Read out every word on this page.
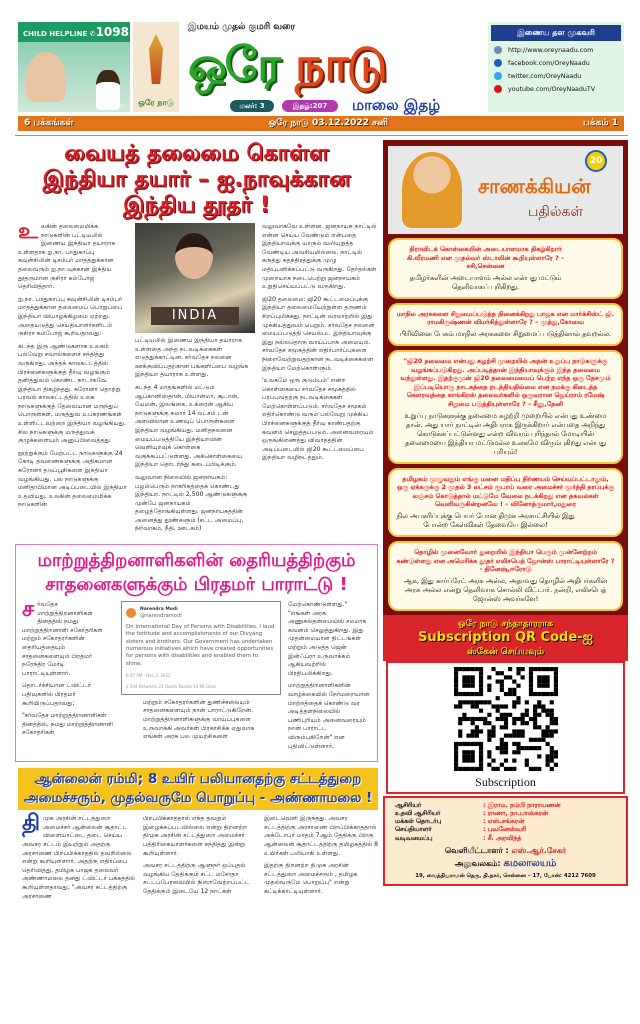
CHILD HELPLINE ✆1098
Dr.R.G.Anand	ஒரே நாடு
இமயம் முதல் குமரி வரை
ஒரே நாடு
மலர்: 3	இதழ்:207	மாலை இதழ்
இணைய தள முகவரி
http://www.oreynaadu.com
facebook.com/OreyNaadu
twitter.com/OreyNaadu
youtube.com/OreyNaaduTV
6 பக்கங்கள்	ஒரே நாடு 03.12.2022 சனி	பக்கம் 1
வையத் தலைமை கொள்ள
இந்தியா தயார் – ஐ.நாவுக்கான
இந்திய தூதர் !

உலகின் தலைமைமிக்க நாடுகளின் பட்டியலில் இணைய இந்தியா தயாராக உள்ளதாக ஐ.நா. பாதுகாப்பு கவுன்சிலின் டிசம்பர் மாதத்துக்கான தலைவரும் ஐ.நா.வுக்கான இந்திய தூதருமான ருசிரா கம்போஜ் தெரிவித்தார்.

ஐ.நா. பாதுகாப்பு கவுன்சிலின் டிசம்பர் மாதத்துக்கான தலைமைப் பொறுப்பை இந்தியா வியாழக்கிழமை ஏற்றது. அதையடுத்து செய்தியாளர்களிடம் ருசிரா கம்போஜ் கூறியதாவது:

கடந்த இரு ஆண்டுகளாக உலகம் பல்வேறு சவால்களைச் சந்தித்து வருகிறது. அந்தக் காலகட்டத்தில் பிரச்னைகளுக்குத் தீர்வு வழங்கும் தனித்துவம் கொண்ட நாடாகவே இந்தியா திகழ்ந்தது. கரோனா தொற்று பரவல் காலகட்டத்தில் உலக நாடுகளுக்குத் தேவையான மருந்துப் பொருள்கள், மருத்துவ உபகரணங்கள் உள்ளிட்டவற்றை இந்தியா வழங்கியது. சில நாடுகளுக்கு மருத்துவக் குழுக்களையும் அனுப்பிவைத்தது.

நூற்றுக்கும் மேற்பட்ட நாடுகளுக்கு 24 கோடி தவணைகளுக்கு அதிகமான கரோனா தடுப்பூசிகளை இந்தியா வழங்கியது. பல நாடுகளுக்கு மனிதாபிமான அடிப்படையில் இந்தியா உதவியது. உலகின் தலைமைமிக்க நாடுகளின்

INDIA

பட்டியலில் இணைய இந்தியா தயாராக உள்ளதை அந்த நடவடிக்கைகள் எடுத்துக்காட்டின. சர்வதேச நலனை ஊக்குவிப்பதற்கான பங்களிப்பை வழங்க இந்தியா தயாராக உள்ளது.

கடந்த 4 மாதங்களில் மட்டும் ஆப்கானிஸ்தான், மியான்மர், சூடான், யேமன், இலங்கை, உக்ரைன் ஆகிய நாடுகளுக்கு சுமார் 14 லட்சம் டன் அளவிலான உணவுப் பொருள்களை இந்தியா வழங்கியது. மனிதநலனை மையப்படுத்தியே இந்தியாவின் வெளியுறவுக் கொள்கை வகுக்கப்பட்டுள்ளது. அக்கொள்கையை இந்தியா தொடர்ந்து கடைப்பிடிக்கும்.

வலுவான நிலையில் ஜனநாயகம்: பழம்பெரும் நாகரிகத்தைக் கொண்டது இந்தியா. நாட்டில் 2,500 ஆண்டுகளுக்கு முன்பே ஜனநாயகம் தழைத்தோங்கியுள்ளது. ஜனநாயகத்தின் அனைத்து தூண்களும் (சட்ட அமைப்பு, நிர்வாகம், நீதி, ஊடகம்)

வலுவாகவே உள்ளன. ஜனநாயக நாட்டில் என்ன செய்ய வேண்டும் என்பதை இந்தியாவுக்கு யாரும் வலியுறுத்த வேண்டிய அவசியமில்லை. நாட்டில் கருத்து சுதந்திரத்துக்கு முழு மதிப்பளிக்கப்பட்டு வருகிறது. தேர்தல்கள் முறையாக நடைபெற்று ஜனநாயகம் உறுதிசெய்யப்பட்டு வருகிறது.

ஜி20 தலைமை: ஜி20 கூட்டமைப்புக்கு இந்தியா தலைமையேற்றுள்ள தருணம் சிறப்புமிக்கது. நாட்டின் வரலாற்றில் இது முக்கியத்துவம் பெறும். சர்வதேச நலனை மையப்படுத்தி செயல்பட இந்தியாவுக்கு இது நல்லதொரு வாய்ப்பாக அமையும். சர்வதேச சமூகத்தின் எதிர்பார்ப்புகளை நிறைவேற்றுவதற்கான நடவடிக்கைகளை இந்தியா மேற்கொள்ளும்.

'உலகமே ஒரு குடும்பம்' என்ற கொள்கையை சர்வதேச சமூகத்தில் பரப்புவதற்கு நடவடிக்கைகள் மேற்கொள்ளப்படும். சர்வதேச சமூகம் எதிர்கொண்டு வரும் பல்வேறு முக்கிய பிரச்னைகளுக்குத் தீர்வு காண்பதற்கு கவனம் செலுத்தப்படும். அனைவரையும் ஒருங்கிணைத்து விவாதத்தின் அடிப்படையில் ஜி20 கூட்டமைப்பை இந்தியா வழிநடத்தும்.

மாற்றுத்திறனாளிகளின் தைரியத்திற்கும்
சாதனைகளுக்கும் பிரதமர் பாராட்டு !

சர்வதேச மாற்றுத்திறனாளிகள் தினத்தில் நமது மாற்றுத்திறனாளி சகோதரிகள் மற்றும் சகோதரர்களின் தைரியத்தையும் சாதனைகளையும் பிரதமர் நரேந்திர மோடி பாராட்டியுள்ளார்.

தொடர்ச்சியான ட்விட்டர் பதிவுகளில் பிரதமர் கூறியிருப்பதாவது;

"சர்வதேச மாற்றுத்திறனாளிகள் தினத்தில், நமது மாற்றுத்திறனாளி சகோதரிகள்

Narendra Modi
@narendramodi
On International Day of Persons with Disabilities, I laud the fortitude and accomplishments of our Divyang sisters and brothers. Our Government has undertaken numerous initiatives which have created opportunities for persons with disabilities and enabled them to shine.
6:47 AM · Dec 3, 2022
2,544 Retweets 23 Quote Tweets 10.9K Likes

மற்றும் சகோதரர்களின் துணிச்சலையும் சாதனைகளையும் நான் பாராட்டுகிறேன். மாற்றுத்திறனாளிகளுக்கு வாய்ப்புகளை உருவாக்கி அவர்கள் பிரகாசிக்க ஏதுவாக எங்கள் அரசு பல முயற்சிகளை

மேற்கொண்டுள்ளது." "எங்கள் அரசு அணுகல்தன்மையில் சமமாக கவனம் செலுத்துகிறது. இது முதன்மையான திட்டங்கள் மற்றும் அடுத்த ஜென் இன்ஃப்ரா உருவாக்கம் ஆகியவற்றில் பிரதிபலிக்கிறது.

மாற்றுத்திறனாளிகளின் வாழ்க்கையில் நேர்மறையான மாற்றத்தைக் கொண்டு வர அடித்தளநிலையில் பணிபுரியும் அனைவரையும் நான் பாராட்ட விரும்புகிறேன்" என பதிவிட்டுள்ளார்.

ஆன்லைன் ரம்மி; 8 உயிர் பலியானதற்கு சட்டத்துறை
அமைச்சரும், முதல்வருமே பொறுப்பு - அண்ணாமலை !

திமுக அரசின் சட்டத்துறை அமைச்சர் ஆன்லைன் சூதாட்ட விளையாட்டை தடை செய்ய அவசர சட்டம் இயற்றும் அதற்கு அரசாணை பிறப்பிக்காததில் தவறில்லை என்று கூறியுள்ளார். அதற்கு எதிர்ப்பை தெரிவித்து, தமிழக பாஜக தலைவர் அண்ணாமலை தனது ட்விட்டர் பக்கத்தில் கூறியுள்ளதாவது; "அவசர சட்டத்திற்கு அரசாணை

பிறப்பிக்காததால் எந்த தவறும் இழைக்கப்படவில்லை என்று திறனற்ற திமுக அரசின் சட்டத்துறை அமைச்சர் பத்திரிகையாளர்களை சந்தித்து இன்று கூறியுள்ளார்.

அவசர சட்டத்திற்கு ஆளுநர் ஒப்புதல் வழங்கிய தேதிக்கும் சட்ட மசோதா சட்டப்பேரவையில் நிறைவேற்றப்பட்ட தேதிக்கும் இடையே 12 நாட்கள்

இடைவெளி இருந்தது. அவசர சட்டத்திற்கு அரசாணை பிறப்பிக்காததால் அக்டோபர் மாதம் 7ஆம் தேதிக்கு பிறகு ஆன்லைன் சூதாட்டத்திற்கு தமிழகத்தில் 8 உயிர்கள் பலியாகி உள்ளது.

இதற்கு திறனற்ற திமுக அரசின் சட்டத்துறை அமைச்சரும் , தமிழக முதல்வருமே பொறுப்பு" என்று சுட்டிக்காட்டியுள்ளார்.

20
சாணக்கியன்
பதில்கள்
திராவிடக் கொள்கையின் அடையாளமாக திகழ்கிறார் கி.வீரமணி என முதல்வர் ஸ்டாலின் கூறியுள்ளாரே ? – சசி,சென்னை
தமிழர்களின் அடையாளம் அல்ல என்பது மட்டும் தெளிவாகப் புரிகிறது.
மாநில அரசுகளை சிறுமைப்படுத்த நினைக்கிறது பாஜக என மார்க்சிஸ்ட் ஜி. ராமகிருஷ்ணன் விமர்சித்துள்ளாரே ? – முத்து,கோவை
பிரிவினை பேசும் மாநில அரசுகளை சிறுமைப் படுத்தினால் தவறல்ல.
"ஜி20 தலைமை என்பது சுழற்சி முறையில் அதன் உறுப்பு நாடுகளுக்கு வழங்கப்படுகிறது. அப்படித்தான் இந்தியாவுக்கும் இந்த தலைமை வந்துள்ளது. இதற்குமுன் ஜி20 தலைமையைப் பெற்ற எந்த ஒரு தேசமும் இப்படியொரு நாடகத்தை நடத்தியதில்லை என நமக்கு கிடைத்த கௌரவத்தை காங்கிரஸ் தலைவர்களில் ஒருவரான ஜெய்ராம் ரமேஷ் சிறுமை படுத்தியுள்ளாரே ? – சீனு,தேனி
உறுப்பு நாடுகளுக்கு தலைமை சுழற்றி முறையில் என்பது உண்மை தான். அது யார் நாட்டின் அதிபராக இருக்கிறார் என்பதை அறிந்து கொடுக்கப்பட்டுள்ளது என்ற விவரம் புரிந்தால் மோடியின் தலைமையை இந்தியா மட்டுமல்ல உலகமே விரும்புகிறது என்பது புரியும்!
தமிழகம் முழுவதும் எங்கு மனை மதிப்பு நிர்ணயம் செய்யப்பட்டாலும், ஒரு ஏக்கருக்கு 2 முதல் 3 லட்சம் ரூபாய் வரை அமைச்சர் மூர்த்தி தரப்புக்கு லஞ்சம் கொடுத்தால் மட்டுமே வேலை நடக்கிறது என தகவல்கள் வெளிவருகின்றனவே ! – வினோத்குமார்,மதுரை
நில அபகரிப்புக்கு பெயர் போன திமுக அரசாட்சியில் இது போன்ற கேள்விகள் தேவையே இல்லை!
தொழில் முனைவோர் துறையில் இந்தியா பெரும் முன்னேற்றம் கண்டுள்ளது என அமெரிக்க தூதர் எலிசபெத் ஜோன்ஸ் பாராட்டியுள்ளாரே ? - தினேஷ்,ஈரோடு
ஆக, இது கார்ப்ரேட் அரசு அல்ல, அதாவது தொழில் அதிபர்களின் அரசு அல்ல என்று தெளிவாக சொல்லி விட்டார். நன்றி, எலிசபெத் ஜோன்ஸ் அவர்களே!
ஒரே நாடு சந்தாதாரராக
Subscription QR Code-ஐ
ஸ்கேன் செய்யவும்
Subscription
ஆசிரியர்	: இராம. நம்பி நாராயணன்
உதவி ஆசிரியர்	: ராணா, நா.பாஸ்கரன்
மக்கள் தொடர்பு	: எஸ்.சங்கரன்
செய்தியாளர்	: புவனேஸ்வரி
வடிவமைப்பு	: சீ. அரவிந்த்
வெளியீட்டாளர் : எஸ்.ஆர்.சேகர்
அலுவலகம்: கமலாலயம்
19, வைத்தியராமன் தெரு, தி.நகர், சென்னை – 17, போன்: 4212 7609
